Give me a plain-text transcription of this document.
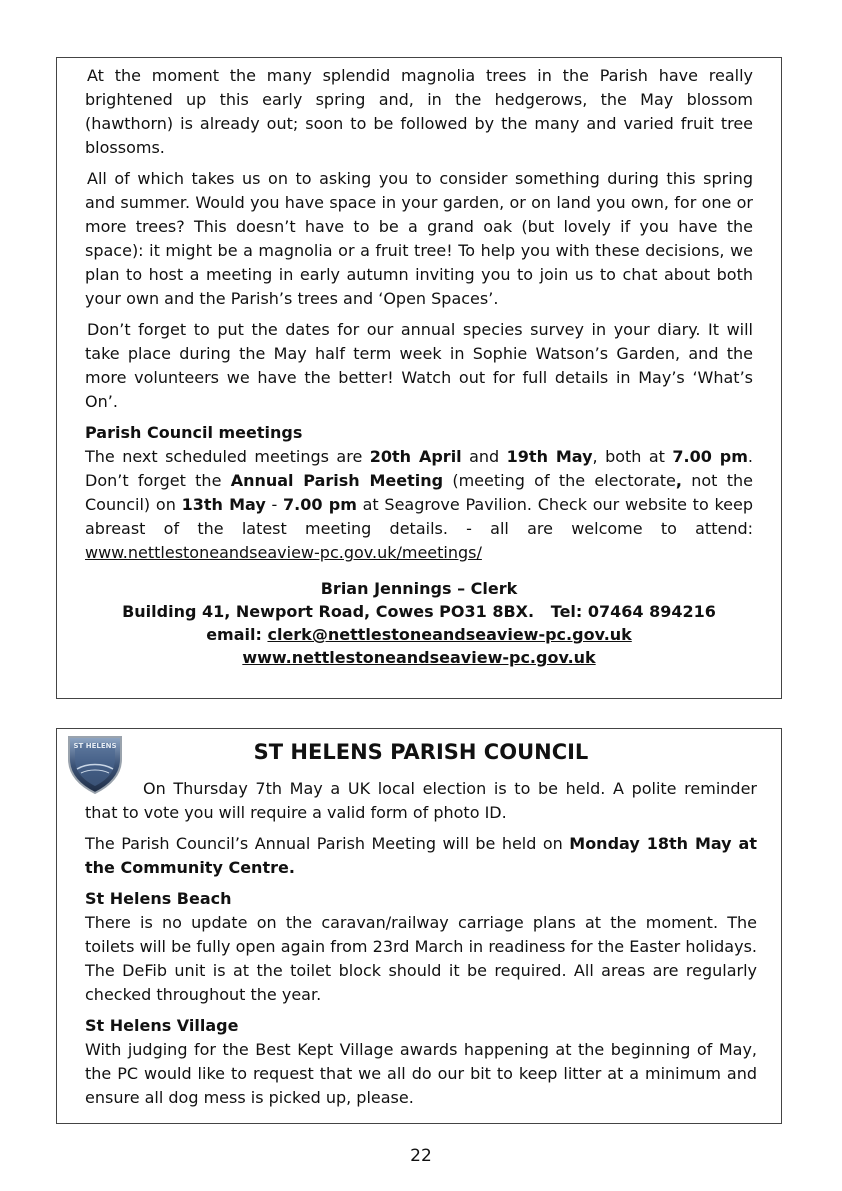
At the moment the many splendid magnolia trees in the Parish have really brightened up this early spring and, in the hedgerows, the May blossom (hawthorn) is already out; soon to be followed by the many and varied fruit tree blossoms.

All of which takes us on to asking you to consider something during this spring and summer. Would you have space in your garden, or on land you own, for one or more trees? This doesn’t have to be a grand oak (but lovely if you have the space): it might be a magnolia or a fruit tree! To help you with these decisions, we plan to host a meeting in early autumn inviting you to join us to chat about both your own and the Parish’s trees and ‘Open Spaces’.

Don’t forget to put the dates for our annual species survey in your diary. It will take place during the May half term week in Sophie Watson’s Garden, and the more volunteers we have the better! Watch out for full details in May’s ‘What’s On’.

Parish Council meetings

The next scheduled meetings are 20th April and 19th May, both at 7.00 pm. Don’t forget the Annual Parish Meeting (meeting of the electorate, not the Council) on 13th May - 7.00 pm at Seagrove Pavilion. Check our website to keep abreast of the latest meeting details. - all are welcome to attend: www.nettlestoneandseaview-pc.gov.uk/meetings/

Brian Jennings – Clerk
Building 41, Newport Road, Cowes PO31 8BX.   Tel: 07464 894216
email: clerk@nettlestoneandseaview-pc.gov.uk
www.nettlestoneandseaview-pc.gov.uk
ST HELENS	ST HELENS PARISH COUNCIL

On Thursday 7th May a UK local election is to be held. A polite reminder that to vote you will require a valid form of photo ID.

The Parish Council’s Annual Parish Meeting will be held on Monday 18th May at the Community Centre.

St Helens Beach

There is no update on the caravan/railway carriage plans at the moment. The toilets will be fully open again from 23rd March in readiness for the Easter holidays. The DeFib unit is at the toilet block should it be required. All areas are regularly checked throughout the year.

St Helens Village

With judging for the Best Kept Village awards happening at the beginning of May, the PC would like to request that we all do our bit to keep litter at a minimum and ensure all dog mess is picked up, please.

22
